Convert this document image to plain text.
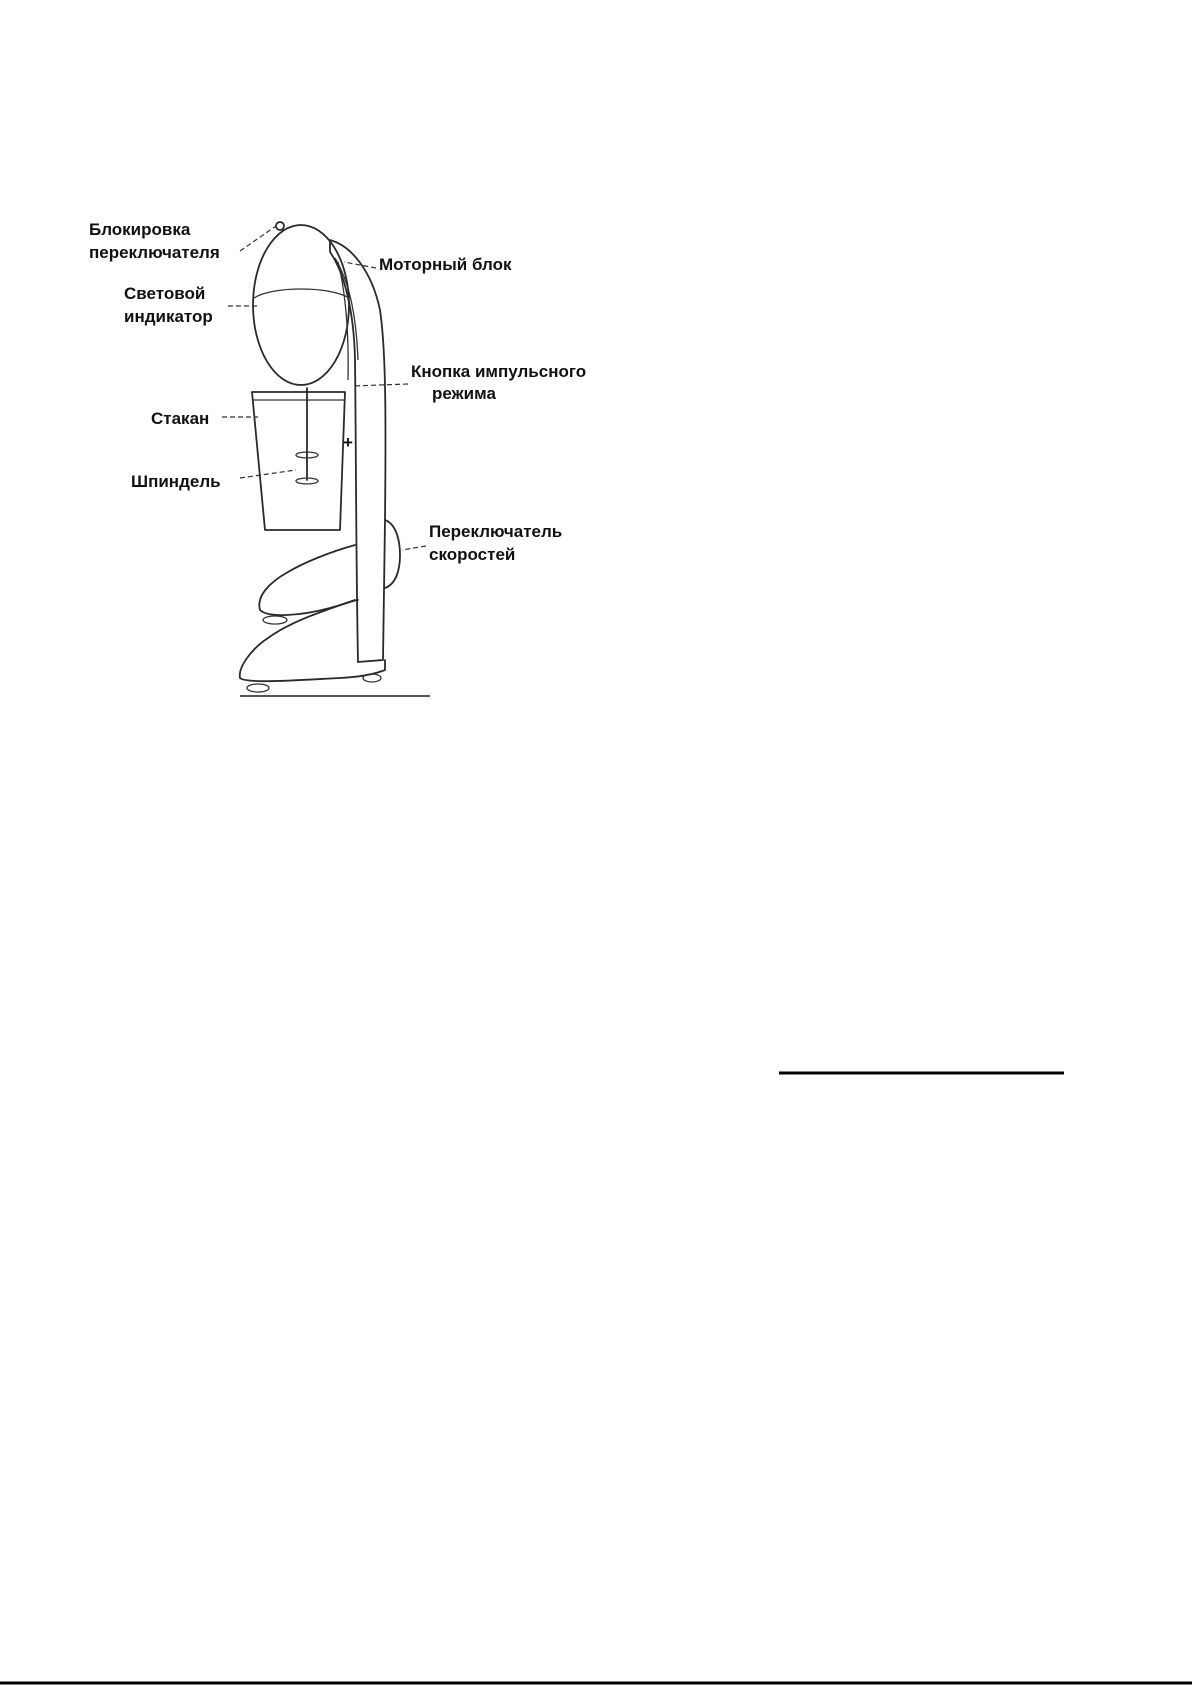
+
Блокировка
переключателя
Моторный блок
Световой
индикатор
Кнопка импульсного
режима
Стакан
Шпиндель
Переключатель
скоростей
